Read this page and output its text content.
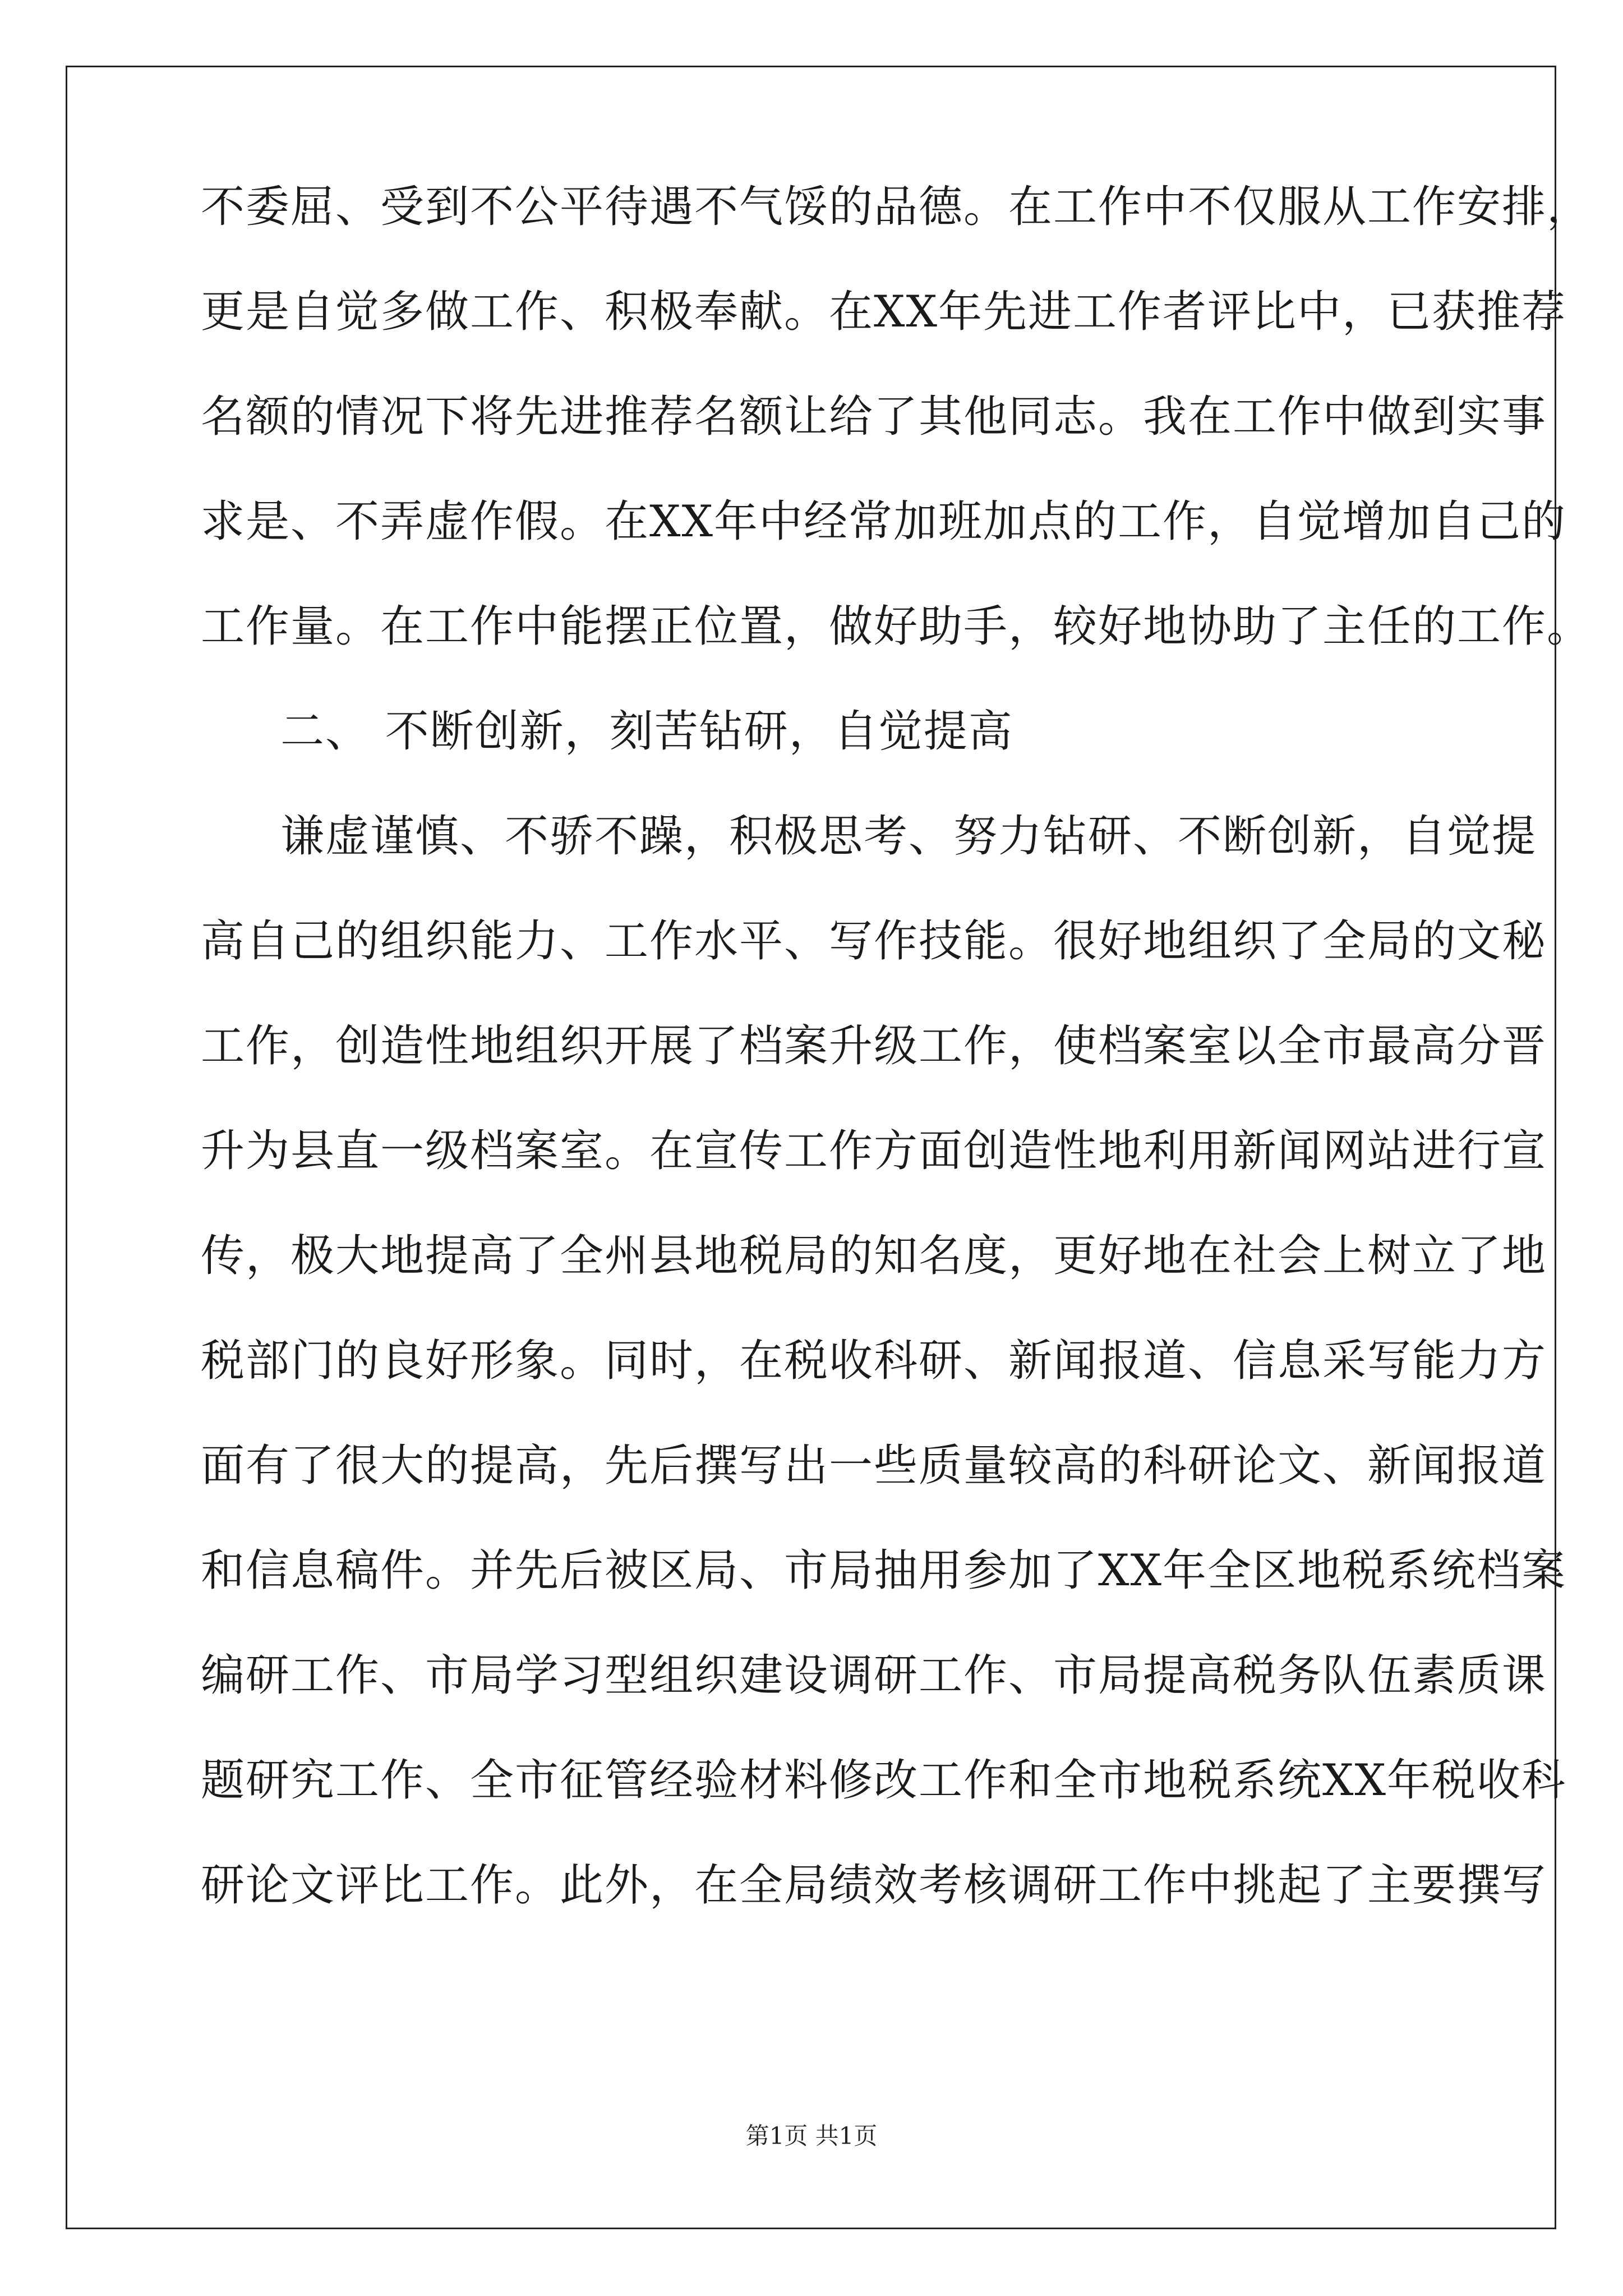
不委屈、受到不公平待遇不气馁的品德。在工作中不仅服从工作安排，
更是自觉多做工作、积极奉献。在XX年先进工作者评比中，已获推荐
名额的情况下将先进推荐名额让给了其他同志。我在工作中做到实事
求是、不弄虚作假。在XX年中经常加班加点的工作，自觉增加自己的
工作量。在工作中能摆正位置，做好助手，较好地协助了主任的工作。
二、 不断创新，刻苦钻研，自觉提高
谦虚谨慎、不骄不躁，积极思考、努力钻研、不断创新，自觉提
高自己的组织能力、工作水平、写作技能。很好地组织了全局的文秘
工作，创造性地组织开展了档案升级工作，使档案室以全市最高分晋
升为县直一级档案室。在宣传工作方面创造性地利用新闻网站进行宣
传，极大地提高了全州县地税局的知名度，更好地在社会上树立了地
税部门的良好形象。同时，在税收科研、新闻报道、信息采写能力方
面有了很大的提高，先后撰写出一些质量较高的科研论文、新闻报道
和信息稿件。并先后被区局、市局抽用参加了XX年全区地税系统档案
编研工作、市局学习型组织建设调研工作、市局提高税务队伍素质课
题研究工作、全市征管经验材料修改工作和全市地税系统XX年税收科
研论文评比工作。此外，在全局绩效考核调研工作中挑起了主要撰写
第1页 共1页
